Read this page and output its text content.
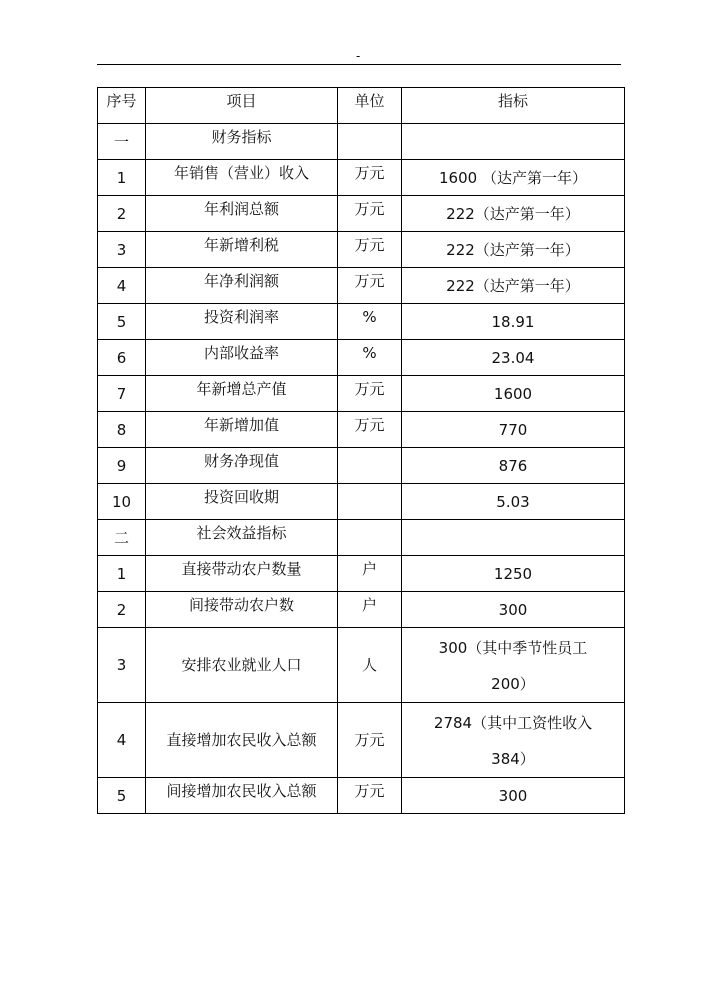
-
序号	项目	单位	指标
一	财务指标		
1	年销售（营业）收入	万元	1600 （达产第一年）
2	年利润总额	万元	222（达产第一年）
3	年新增利税	万元	222（达产第一年）
4	年净利润额	万元	222（达产第一年）
5	投资利润率	%	18.91
6	内部收益率	%	23.04
7	年新增总产值	万元	1600
8	年新增加值	万元	770
9	财务净现值		876
10	投资回收期		5.03
二	社会效益指标		
1	直接带动农户数量	户	1250
2	间接带动农户数	户	300
3	安排农业就业人口	人	300（其中季节性员工
200）

4	直接增加农民收入总额	万元	2784（其中工资性收入
384）

5	间接增加农民收入总额	万元	300
